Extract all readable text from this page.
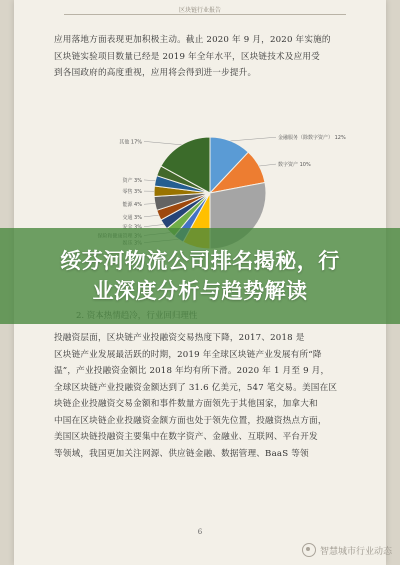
区块链行业报告
应用落地方面表现更加积极主动。截止 2020 年 9 月，2020 年实施的
区块链实验项目数量已经是 2019 年全年水平，区块链技术及应用受
到各国政府的高度重视，应用将会得到进一步提升。
金融服务（除数字资产） 12%
数字资产 10%
交通 3%
能源 4%
零售 3%
资产 3%
其他 17%
投融资层面，区块链产业投融资交易热度下降，2017、2018 是
区块链产业发展最活跃的时期，2019 年全球区块链产业发展有所“降
温”，产业投融资金额比 2018 年均有所下滑。2020 年 1 月至 9 月，
全球区块链产业投融资金额达到了 31.6 亿美元，547 笔交易。美国在区
块链企业投融资交易金额和事件数量方面领先于其他国家，加拿大和
中国在区块链企业投融资金额方面也处于领先位置，投融资热点方面，
美国区块链投融资主要集中在数字资产、金融业、互联网、平台开发
等领域，我国更加关注网源、供应链金融、数据管理、BaaS 等领
6
绥芬河物流公司排名揭秘，行
业深度分析与趋势解读
智慧城市行业动态
